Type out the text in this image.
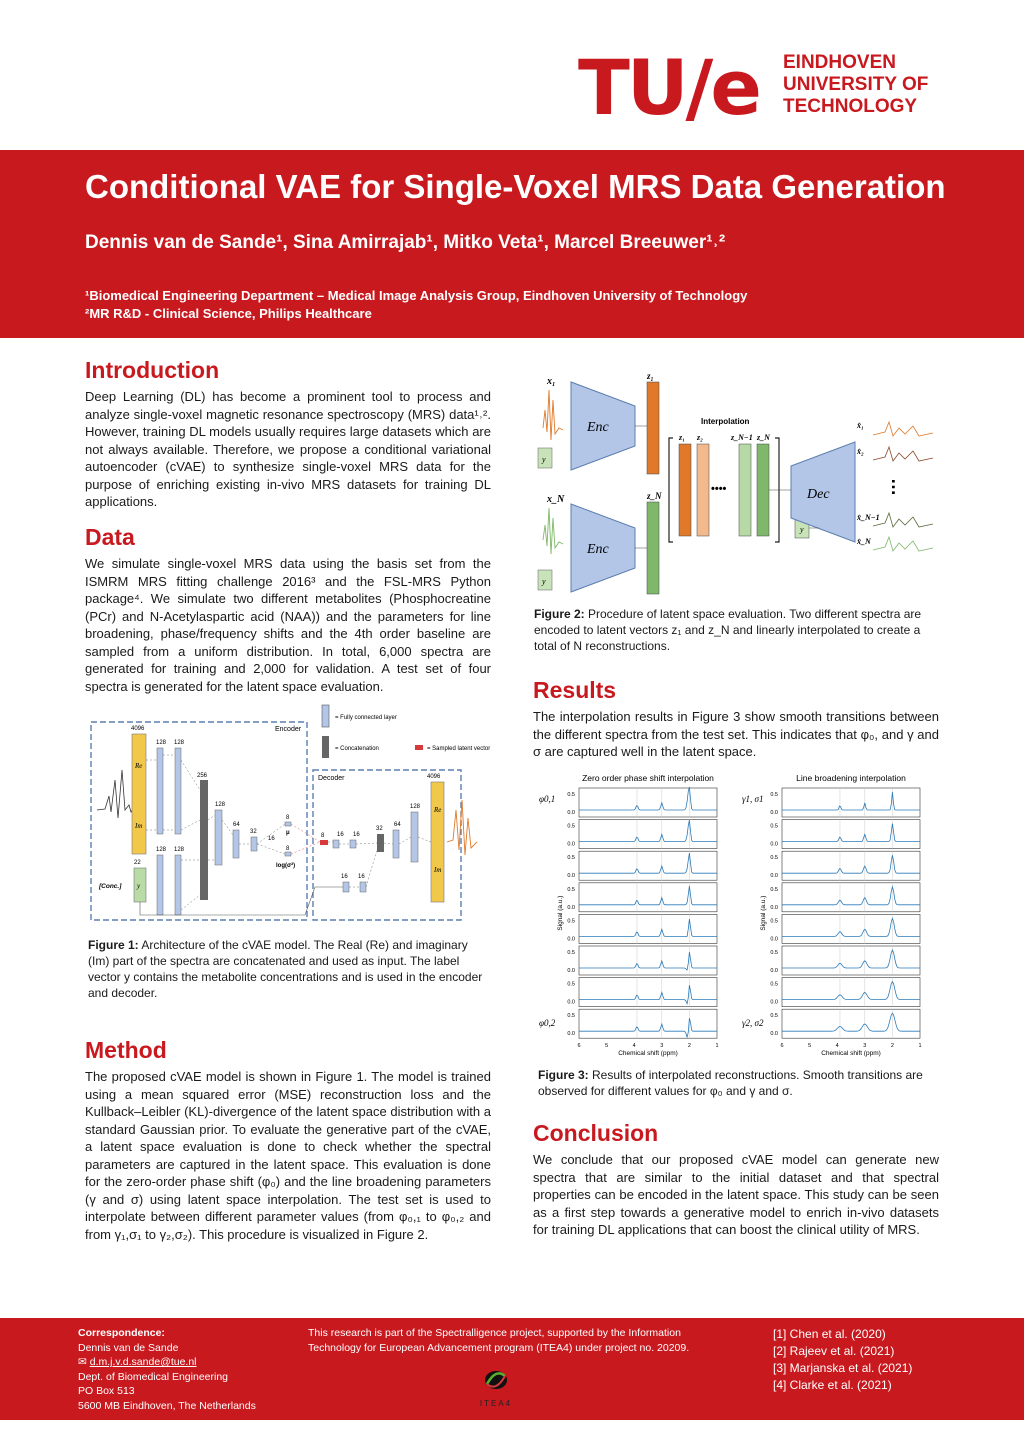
TU/e EINDHOVEN
UNIVERSITY OF
TECHNOLOGY
Conditional VAE for Single-Voxel MRS Data Generation
Dennis van de Sande¹, Sina Amirrajab¹, Mitko Veta¹, Marcel Breeuwer¹˒²
¹Biomedical Engineering Department – Medical Image Analysis Group, Eindhoven University of Technology
²MR R&D - Clinical Science, Philips Healthcare
Introduction

Deep Learning (DL) has become a prominent tool to process and analyze single-voxel magnetic resonance spectroscopy (MRS) data¹˒². However, training DL models usually requires large datasets which are not always available. Therefore, we propose a conditional variational autoencoder (cVAE) to synthesize single-voxel MRS data for the purpose of enriching existing in-vivo MRS datasets for training DL applications.

Data

We simulate single-voxel MRS data using the basis set from the ISMRM MRS fitting challenge 2016³ and the FSL-MRS Python package⁴. We simulate two different metabolites (Phosphocreatine (PCr) and N-Acetylaspartic acid (NAA)) and the parameters for line broadening, phase/frequency shifts and the 4th order baseline are sampled from a uniform distribution. In total, 6,000 spectra are generated for training and 2,000 for validation. A test set of four spectra is generated for the latent space evaluation.

Encoder
Decoder
= Fully connected layer
= Concatenation	= Sampled latent vector
Re
Im
y
[Conc.]
Re
Im
4096
128 128
22
128 128
256
128
64
32
16
8
8
μ
log(σ²)
8 16 16
32
64
128
4096
16 16

Figure 1: Architecture of the cVAE model. The Real (Re) and imaginary (Im) part of the spectra are concatenated and used as input. The label vector y contains the metabolite concentrations and is used in the encoder and decoder.

Method

The proposed cVAE model is shown in Figure 1. The model is trained using a mean squared error (MSE) reconstruction loss and the Kullback–Leibler (KL)-divergence of the latent space distribution with a standard Gaussian prior. To evaluate the generative part of the cVAE, a latent space evaluation is done to check whether the spectral parameters are captured in the latent space. This evaluation is done for the zero-order phase shift (φ₀) and the line broadening parameters (γ and σ) using latent space interpolation. The test set is used to interpolate between different parameter values (from φ₀,₁ to φ₀,₂ and from γ₁,σ₁ to γ₂,σ₂). This procedure is visualized in Figure 2.

x₁
x_N
y
y
Enc
Enc
y
z₁
z_N
Interpolation
z₁ z₂	z_N−1 z_N
••••	Dec	…
x̂₁
x̂₂
x̂_N−1
x̂_N

Figure 2: Procedure of latent space evaluation. Two different spectra are encoded to latent vectors z₁ and z_N and linearly interpolated to create a total of N reconstructions.

Results

The interpolation results in Figure 3 show smooth transitions between the different spectra from the test set. This indicates that φ₀, and γ and σ are captured well in the latent space.

Zero order phase shift interpolation
0.0
0.5
0.0
0.5
0.0
0.5
0.0
0.5
0.0
0.5
0.0
0.5
0.0
0.5
0.0
0.5
6	5	4	3	2	1
Chemical shift (ppm)
Signal (a.u.)
φ0,1
φ0,2
Line broadening interpolation
0.0
0.5
0.0
0.5
0.0
0.5
0.0
0.5
0.0
0.5
0.0
0.5
0.0
0.5
0.0
0.5
6	5	4	3	2	1
Chemical shift (ppm)
Signal (a.u.)
γ1, σ1
γ2, σ2

Figure 3: Results of interpolated reconstructions. Smooth transitions are observed for different values for φ₀ and γ and σ.

Conclusion

We conclude that our proposed cVAE model can generate new spectra that are similar to the initial dataset and that spectral properties can be encoded in the latent space. This study can be seen as a first step towards a generative model to enrich in-vivo datasets for training DL applications that can boost the clinical utility of MRS.

Correspondence:
Dennis van de Sande
✉ d.m.j.v.d.sande@tue.nl
Dept. of Biomedical Engineering
PO Box 513
5600 MB Eindhoven, The Netherlands
This research is part of the Spectralligence project, supported by the Information Technology for European Advancement program (ITEA4) under project no. 20209.
ITEA4
[1] Chen et al. (2020)
[2] Rajeev et al. (2021)
[3] Marjanska et al. (2021)
[4] Clarke et al. (2021)
